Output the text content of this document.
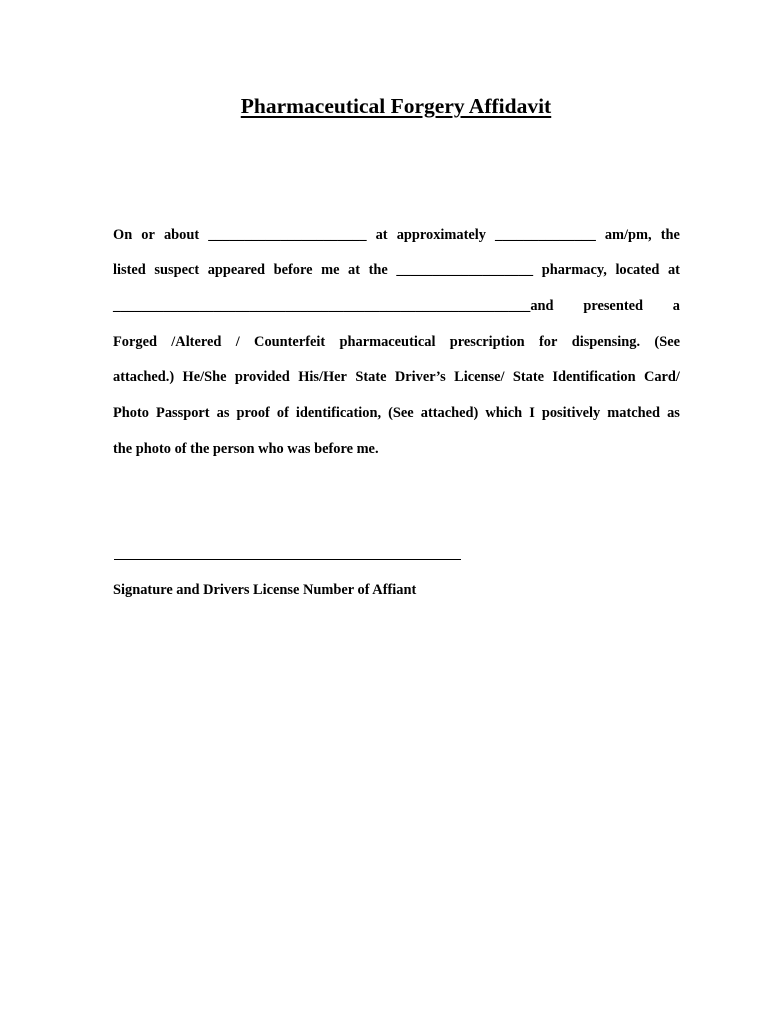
Pharmaceutical Forgery Affidavit
On or about ______________________ at approximately ______________ am/pm, the
listed suspect appeared before me at the ___________________ pharmacy, located at
__________________________________________________________and presented a
Forged /Altered / Counterfeit pharmaceutical prescription for dispensing. (See
attached.) He/She provided His/Her State Driver’s License/ State Identification Card/
Photo Passport as proof of identification, (See attached) which I positively matched as
the photo of the person who was before me.
Signature and Drivers License Number of Affiant
